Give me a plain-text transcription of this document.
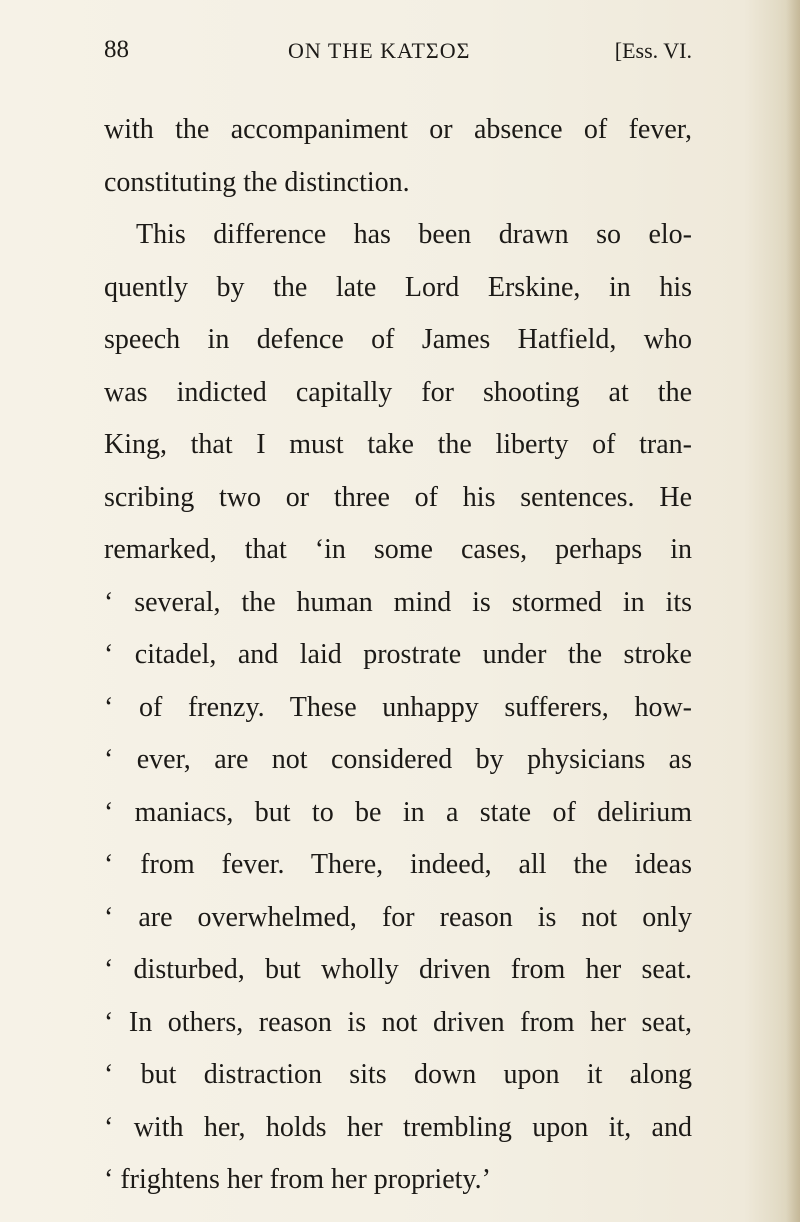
88	ON THE KATΣOΣ	[Ess. VI.
with the accompaniment or absence of fever,
constituting the distinction.
This difference has been drawn so elo-
quently by the late Lord Erskine, in his
speech in defence of James Hatfield, who
was indicted capitally for shooting at the
King, that I must take the liberty of tran-
scribing two or three of his sentences. He
remarked, that ‘in some cases, perhaps in
‘ several, the human mind is stormed in its
‘ citadel, and laid prostrate under the stroke
‘ of frenzy. These unhappy sufferers, how-
‘ ever, are not considered by physicians as
‘ maniacs, but to be in a state of delirium
‘ from fever. There, indeed, all the ideas
‘ are overwhelmed, for reason is not only
‘ disturbed, but wholly driven from her seat.
‘ In others, reason is not driven from her seat,
‘ but distraction sits down upon it along
‘ with her, holds her trembling upon it, and
‘ frightens her from her propriety.’
